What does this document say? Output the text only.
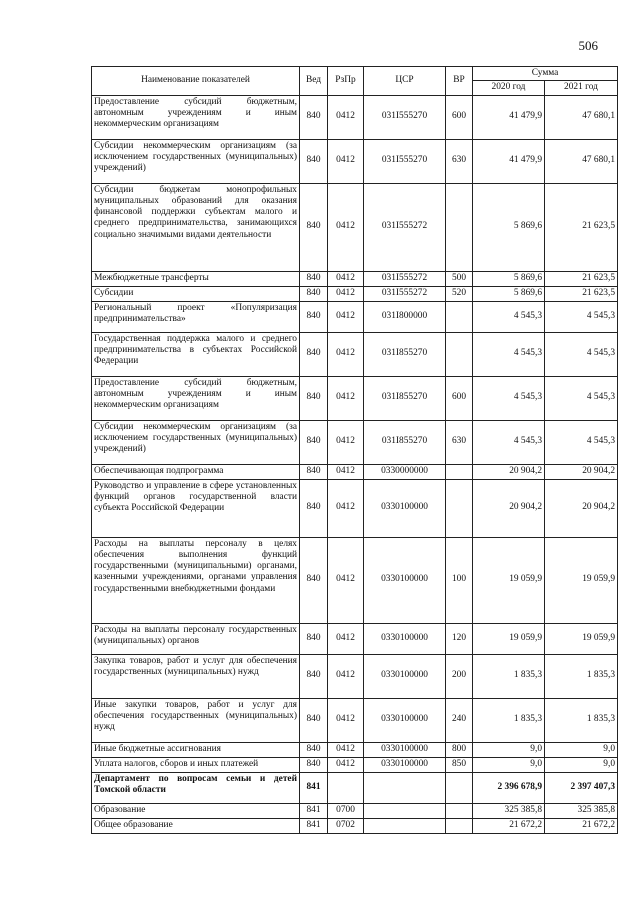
506
Наименование показателей	Вед	РзПр	ЦСР	ВР	Сумма	
					2020 год	2021 год
Предоставление субсидий бюджетным, автономным учреждениям и иным некоммерческим организациям	840	0412	031I555270	600	41 479,9	47 680,1
Субсидии некоммерческим организациям (за исключением государственных (муниципальных) учреждений)	840	0412	031I555270	630	41 479,9	47 680,1
Субсидии бюджетам монопрофильных муниципальных образований для оказания финансовой поддержки субъектам малого и среднего предпринимательства, занимающихся социально значимыми видами деятельности	840	0412	031I555272		5 869,6	21 623,5
Межбюджетные трансферты	840	0412	031I555272	500	5 869,6	21 623,5
Субсидии	840	0412	031I555272	520	5 869,6	21 623,5
Региональный проект «Популяризация предпринимательства»	840	0412	031I800000		4 545,3	4 545,3
Государственная поддержка малого и среднего предпринимательства в субъектах Российской Федерации	840	0412	031I855270		4 545,3	4 545,3
Предоставление субсидий бюджетным, автономным учреждениям и иным некоммерческим организациям	840	0412	031I855270	600	4 545,3	4 545,3
Субсидии некоммерческим организациям (за исключением государственных (муниципальных) учреждений)	840	0412	031I855270	630	4 545,3	4 545,3
Обеспечивающая подпрограмма	840	0412	0330000000		20 904,2	20 904,2
Руководство и управление в сфере установленных функций органов государственной власти субъекта Российской Федерации	840	0412	0330100000		20 904,2	20 904,2
Расходы на выплаты персоналу в целях обеспечения выполнения функций государственными (муниципальными) органами, казенными учреждениями, органами управления государственными внебюджетными фондами	840	0412	0330100000	100	19 059,9	19 059,9
Расходы на выплаты персоналу государственных (муниципальных) органов	840	0412	0330100000	120	19 059,9	19 059,9
Закупка товаров, работ и услуг для обеспечения государственных (муниципальных) нужд	840	0412	0330100000	200	1 835,3	1 835,3
Иные закупки товаров, работ и услуг для обеспечения государственных (муниципальных) нужд	840	0412	0330100000	240	1 835,3	1 835,3
Иные бюджетные ассигнования	840	0412	0330100000	800	9,0	9,0
Уплата налогов, сборов и иных платежей	840	0412	0330100000	850	9,0	9,0
Департамент по вопросам семьи и детей Томской области	841				2 396 678,9	2 397 407,3
Образование	841	0700			325 385,8	325 385,8
Общее образование	841	0702			21 672,2	21 672,2
